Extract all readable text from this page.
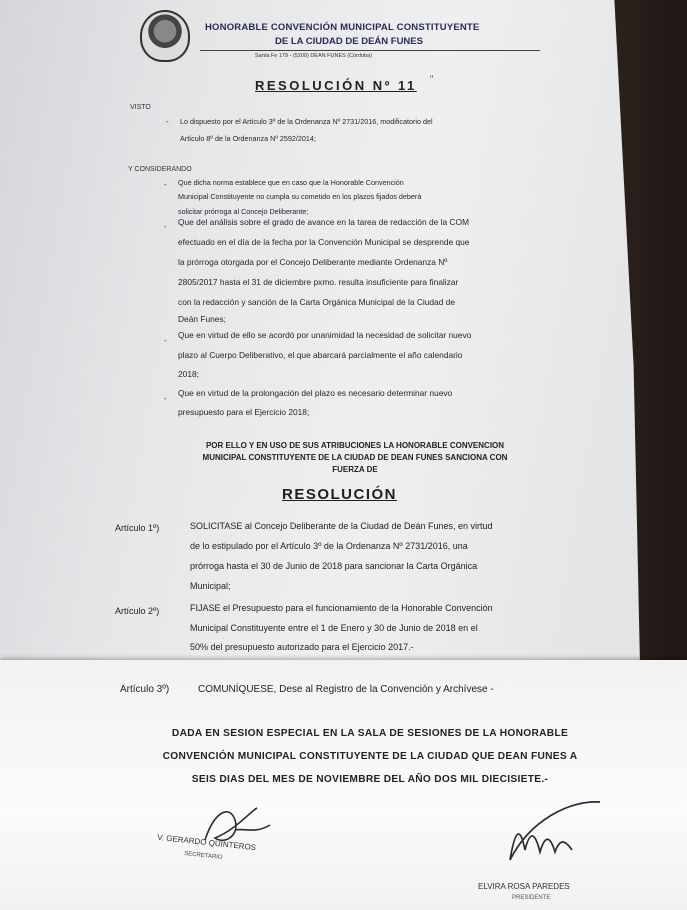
HONORABLE CONVENCIÓN MUNICIPAL CONSTITUYENTE
DE LA CIUDAD DE DEÁN FUNES
Santa Fe 179 - (5200) DEAN FUNES (Córdoba)
RESOLUCIÓN Nº 11 "
VISTO
- Lo dispuesto por el Artículo 3º de la Ordenanza Nº 2731/2016, modificatorio del
Artículo 8º de la Ordenanza Nº 2592/2014;
Y CONSIDERANDO
- Que dicha norma establece que en caso que la Honorable Convención
Municipal Constituyente no cumpla su cometido en los plazos fijados deberá
solicitar prórroga al Concejo Deliberante;
- Que del análisis sobre el grado de avance en la tarea de redacción de la COM
efectuado en el día de la fecha por la Convención Municipal se desprende que
la prórroga otorgada por el Concejo Deliberante mediante Ordenanza Nº
2805/2017 hasta el 31 de diciembre pxmo. resulta insuficiente para finalizar
con la redacción y sanción de la Carta Orgánica Municipal de la Ciudad de
Deán Funes;
-
Que en virtud de ello se acordó por unanimidad la necesidad de solicitar nuevo
plazo al Cuerpo Deliberativo, el que abarcará parcialmente el año calendario
2018;
-
Que en virtud de la prolongación del plazo es necesario determinar nuevo
presupuesto para el Ejercicio 2018;
POR ELLO Y EN USO DE SUS ATRIBUCIONES LA HONORABLE CONVENCION
MUNICIPAL CONSTITUYENTE DE LA CIUDAD DE DEAN FUNES SANCIONA CON
FUERZA DE
RESOLUCIÓN
Artículo 1º)	SOLICITASE al Concejo Deliberante de la Ciudad de Deán Funes, en virtud
de lo estipulado por el Artículo 3º de la Ordenanza Nº 2731/2016, una
prórroga hasta el 30 de Junio de 2018 para sancionar la Carta Orgánica
Municipal;
Artículo 2º)	FIJASE el Presupuesto para el funcionamiento de la Honorable Convención
Municipal Constituyente entre el 1 de Enero y 30 de Junio de 2018 en el
50% del presupuesto autorizado para el Ejercicio 2017.-
Artículo 3º)	COMUNÍQUESE, Dese al Registro de la Convención y Archívese -
DADA EN SESION ESPECIAL EN LA SALA DE SESIONES DE LA HONORABLE
CONVENCIÓN MUNICIPAL CONSTITUYENTE DE LA CIUDAD QUE DEAN FUNES A
SEIS DIAS DEL MES DE NOVIEMBRE DEL AÑO DOS MIL DIECISIETE.-
V. GERARDO QUINTEROS
SECRETARIO
ELVIRA ROSA PAREDES
PRESIDENTE
